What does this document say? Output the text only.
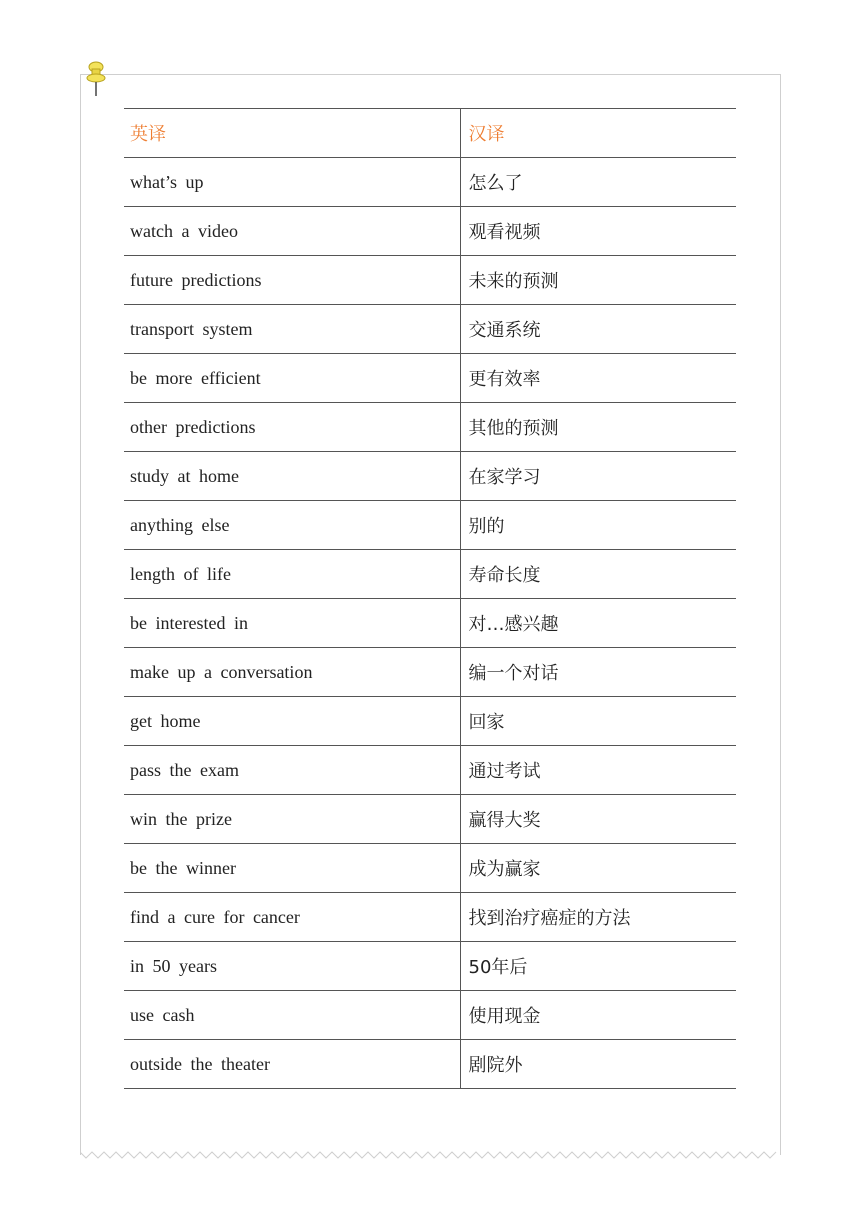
英译	汉译
what’s up	怎么了
watch a video	观看视频
future predictions	未来的预测
transport system	交通系统
be more efficient	更有效率
other predictions	其他的预测
study at home	在家学习
anything else	别的
length of life	寿命长度
be interested in	对…感兴趣
make up a conversation	编一个对话
get home	回家
pass the exam	通过考试
win the prize	赢得大奖
be the winner	成为赢家
find a cure for cancer	找到治疗癌症的方法
in 50 years	50年后
use cash	使用现金
outside the theater	剧院外
